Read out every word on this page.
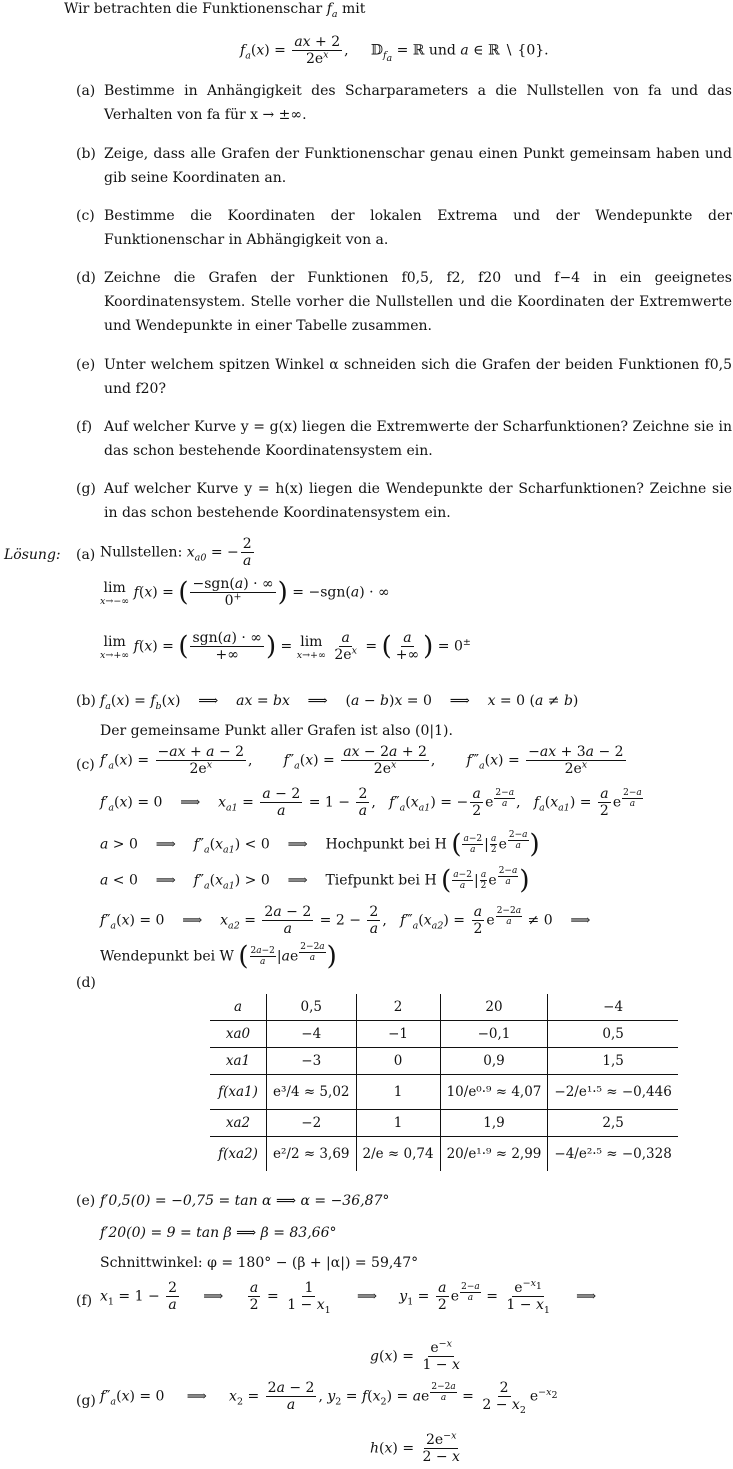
Wir betrachten die Funktionenschar $f_a$ mit
$f_a(x) = \frac{ax + 2}{2e^x}$ ,     𝔻$_{f_a}$ = ℝ und a ∈ ℝ ∖ {0}.
(a) Bestimme in Anhängigkeit des Scharparameters a die Nullstellen von fa und das Verhalten von fa für x → ±∞.
(b) Zeige, dass alle Grafen der Funktionenschar genau einen Punkt gemeinsam haben und gib seine Koordinaten an.
(c) Bestimme die Koordinaten der lokalen Extrema und der Wendepunkte der Funktionenschar in Abhängigkeit von a.
(d) Zeichne die Grafen der Funktionen f0,5, f2, f20 und f−4 in ein geeignetes Koordinatensystem. Stelle vorher die Nullstellen und die Koordinaten der Extremwerte und Wendepunkte in einer Tabelle zusammen.
(e) Unter welchem spitzen Winkel α schneiden sich die Grafen der beiden Funktionen f0,5 und f20?
(f) Auf welcher Kurve y = g(x) liegen die Extremwerte der Scharfunktionen? Zeichne sie in das schon bestehende Koordinatensystem ein.
(g) Auf welcher Kurve y = h(x) liegen die Wendepunkte der Scharfunktionen? Zeichne sie in das schon bestehende Koordinatensystem ein.
Lösung: (a) Nullstellen: $x_{a0}$ = − $\frac{2}{a}$
lim
x→−∞
f(x) = ( $\frac{\text{−sgn(a) · ∞}}{0^+}$ ) = −sgn(a) · ∞
lim
x→+∞
f(x) = ( $\frac{\text{sgn(a) · ∞}}{+\infty}$ ) = lim
x→+∞
$\frac{a}{2e^x}$ = ( $\frac{a}{+\infty}$ ) = 0±
(b) $f_a(x) = f_b(x)$    ⟹    ax = bx    ⟹    (a − b)x = 0    ⟹    x = 0 (a ≠ b)
Der gemeinsame Punkt aller Grafen ist also (0|1).
(c) $f'_a(x) = \frac{-ax + a - 2}{2e^x}$ ,       $f''_a(x) = \frac{ax - 2a + 2}{2e^x}$ ,       $f‴_a(x) = \frac{-ax + 3a - 2}{2e^x}$
$f'_a(x) = 0$    ⟹    $x_{a1} = \frac{a - 2}{a} = 1 - \frac{2}{a}$ ,   $f''_a(x_{a1})$ = − $\frac{a}{2}$ e $^{\frac{2-a}{a}}$ ,   $f_a(x_{a1}) = \frac{a}{2}$ e $^{\frac{2-a}{a}}$
a > 0    ⟹    $f''_a(x_{a1}) < 0$    ⟹    Hochpunkt bei H ( $\frac{a-2}{a}$ | $\frac{a}{2}$ e $^{\frac{2-a}{a}}$ )
a < 0    ⟹    $f''_a(x_{a1}) > 0$    ⟹    Tiefpunkt bei H ( $\frac{a-2}{a}$ | $\frac{a}{2}$ e $^{\frac{2-a}{a}}$ )
$f''_a(x) = 0$    ⟹    $x_{a2} = \frac{2a - 2}{a} = 2 - \frac{2}{a}$ ,   $f‴_a(x_{a2}) = \frac{a}{2}$ e $^{\frac{2-2a}{a}}$ ≠ 0    ⟹
Wendepunkt bei W ( $\frac{2a-2}{a} |ae$ $^{\frac{2-2a}{a}}$ )
(d)
a	0,5	2	20	−4
xa0	−4	−1	−0,1	0,5
xa1	−3	0	0,9	1,5
f(xa1)	e³/4 ≈ 5,02	1	10/e⁰·⁹ ≈ 4,07	−2/e¹·⁵ ≈ −0,446
xa2	−2	1	1,9	2,5
f(xa2)	e²/2 ≈ 3,69	2/e ≈ 0,74	20/e¹·⁹ ≈ 2,99	−4/e²·⁵ ≈ −0,328
(e) f′0,5(0) = −0,75 = tan α ⟹ α = −36,87°
f′20(0) = 9 = tan β ⟹ β = 83,66°
Schnittwinkel: φ = 180° − (β + |α|) = 59,47°
(f) $x_1 = 1 - \frac{2}{a}$ ⟹ $\frac{a}{2} = \frac{1}{1 - x_1}$ ⟹     $y_1 = \frac{a}{2}$ e $^{\frac{2-a}{a}} = \frac{e^{-x_1}}{1 - x_1}$ ⟹
$g(x) = \frac{e^{-x}}{1 - x}$
(g) $f''_a(x) = 0$     ⟹     $x_2 = \frac{2a - 2}{a}$ , $y_2 = f(x_2)$ = ae $^{\frac{2-2a}{a}} = \frac{2}{2 - x_2} e^{-x_2}$
$h(x) = \frac{2e^{-x}}{2 - x}$
